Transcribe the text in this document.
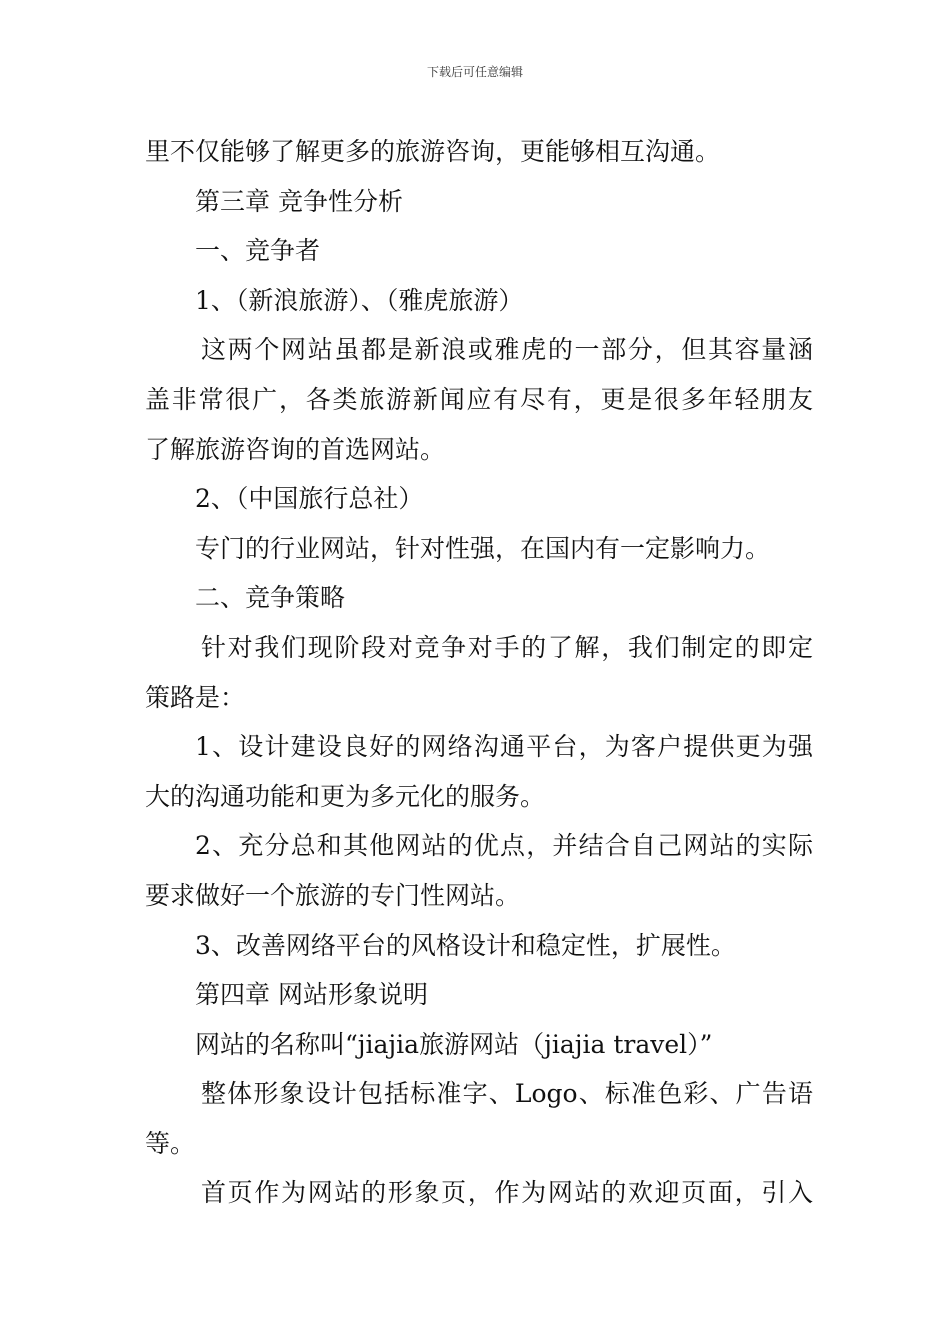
下载后可任意编辑
里不仅能够了解更多的旅游咨询，更能够相互沟通。
第三章 竞争性分析
一、竞争者
1、（新浪旅游）、（雅虎旅游）
这两个网站虽都是新浪或雅虎的一部分，但其容量涵
盖非常很广，各类旅游新闻应有尽有，更是很多年轻朋友
了解旅游咨询的首选网站。
2、（中国旅行总社）
专门的行业网站，针对性强，在国内有一定影响力。
二、竞争策略
针对我们现阶段对竞争对手的了解，我们制定的即定
策路是：
1、设计建设良好的网络沟通平台，为客户提供更为强
大的沟通功能和更为多元化的服务。
2、充分总和其他网站的优点，并结合自己网站的实际
要求做好一个旅游的专门性网站。
3、改善网络平台的风格设计和稳定性，扩展性。
第四章 网站形象说明
网站的名称叫“jiajia旅游网站（jiajia travel）”
整体形象设计包括标准字、Logo、标准色彩、广告语
等。
首页作为网站的形象页，作为网站的欢迎页面，引入
